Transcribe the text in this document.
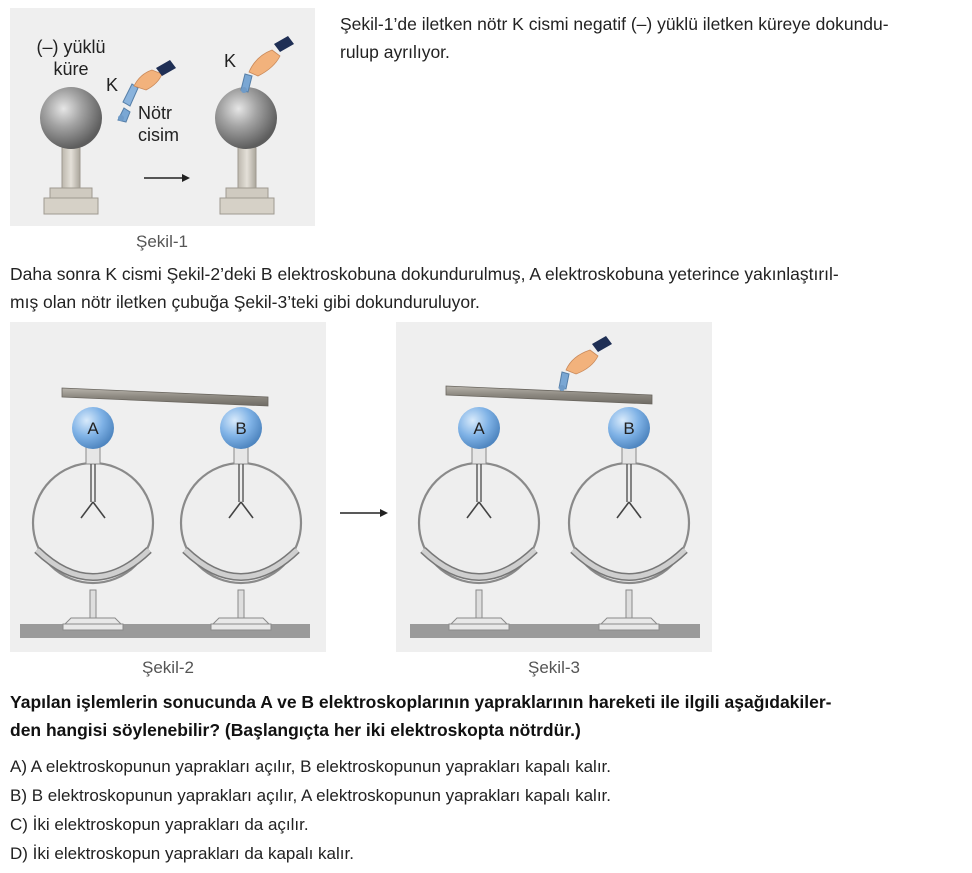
(–) yüklü
küre
K
Nötr
cisim
K
Şekil-1
Şekil-1’de iletken nötr K cismi negatif (–) yüklü iletken küreye dokundu-
rulup ayrılıyor.
Daha sonra K cismi Şekil-2’deki B elektroskobuna dokundurulmuş, A elektroskobuna yeterince yakınlaştırıl-
mış olan nötr iletken çubuğa Şekil-3’teki gibi dokunduruluyor.
A	B
Şekil-2
A	B
Şekil-3
Yapılan işlemlerin sonucunda A ve B elektroskoplarının yapraklarının hareketi ile ilgili aşağıdakiler-
den hangisi söylenebilir? (Başlangıçta her iki elektroskopta nötrdür.)
A) A elektroskopunun yaprakları açılır, B elektroskopunun yaprakları kapalı kalır.
B) B elektroskopunun yaprakları açılır, A elektroskopunun yaprakları kapalı kalır.
C) İki elektroskopun yaprakları da açılır.
D) İki elektroskopun yaprakları da kapalı kalır.
